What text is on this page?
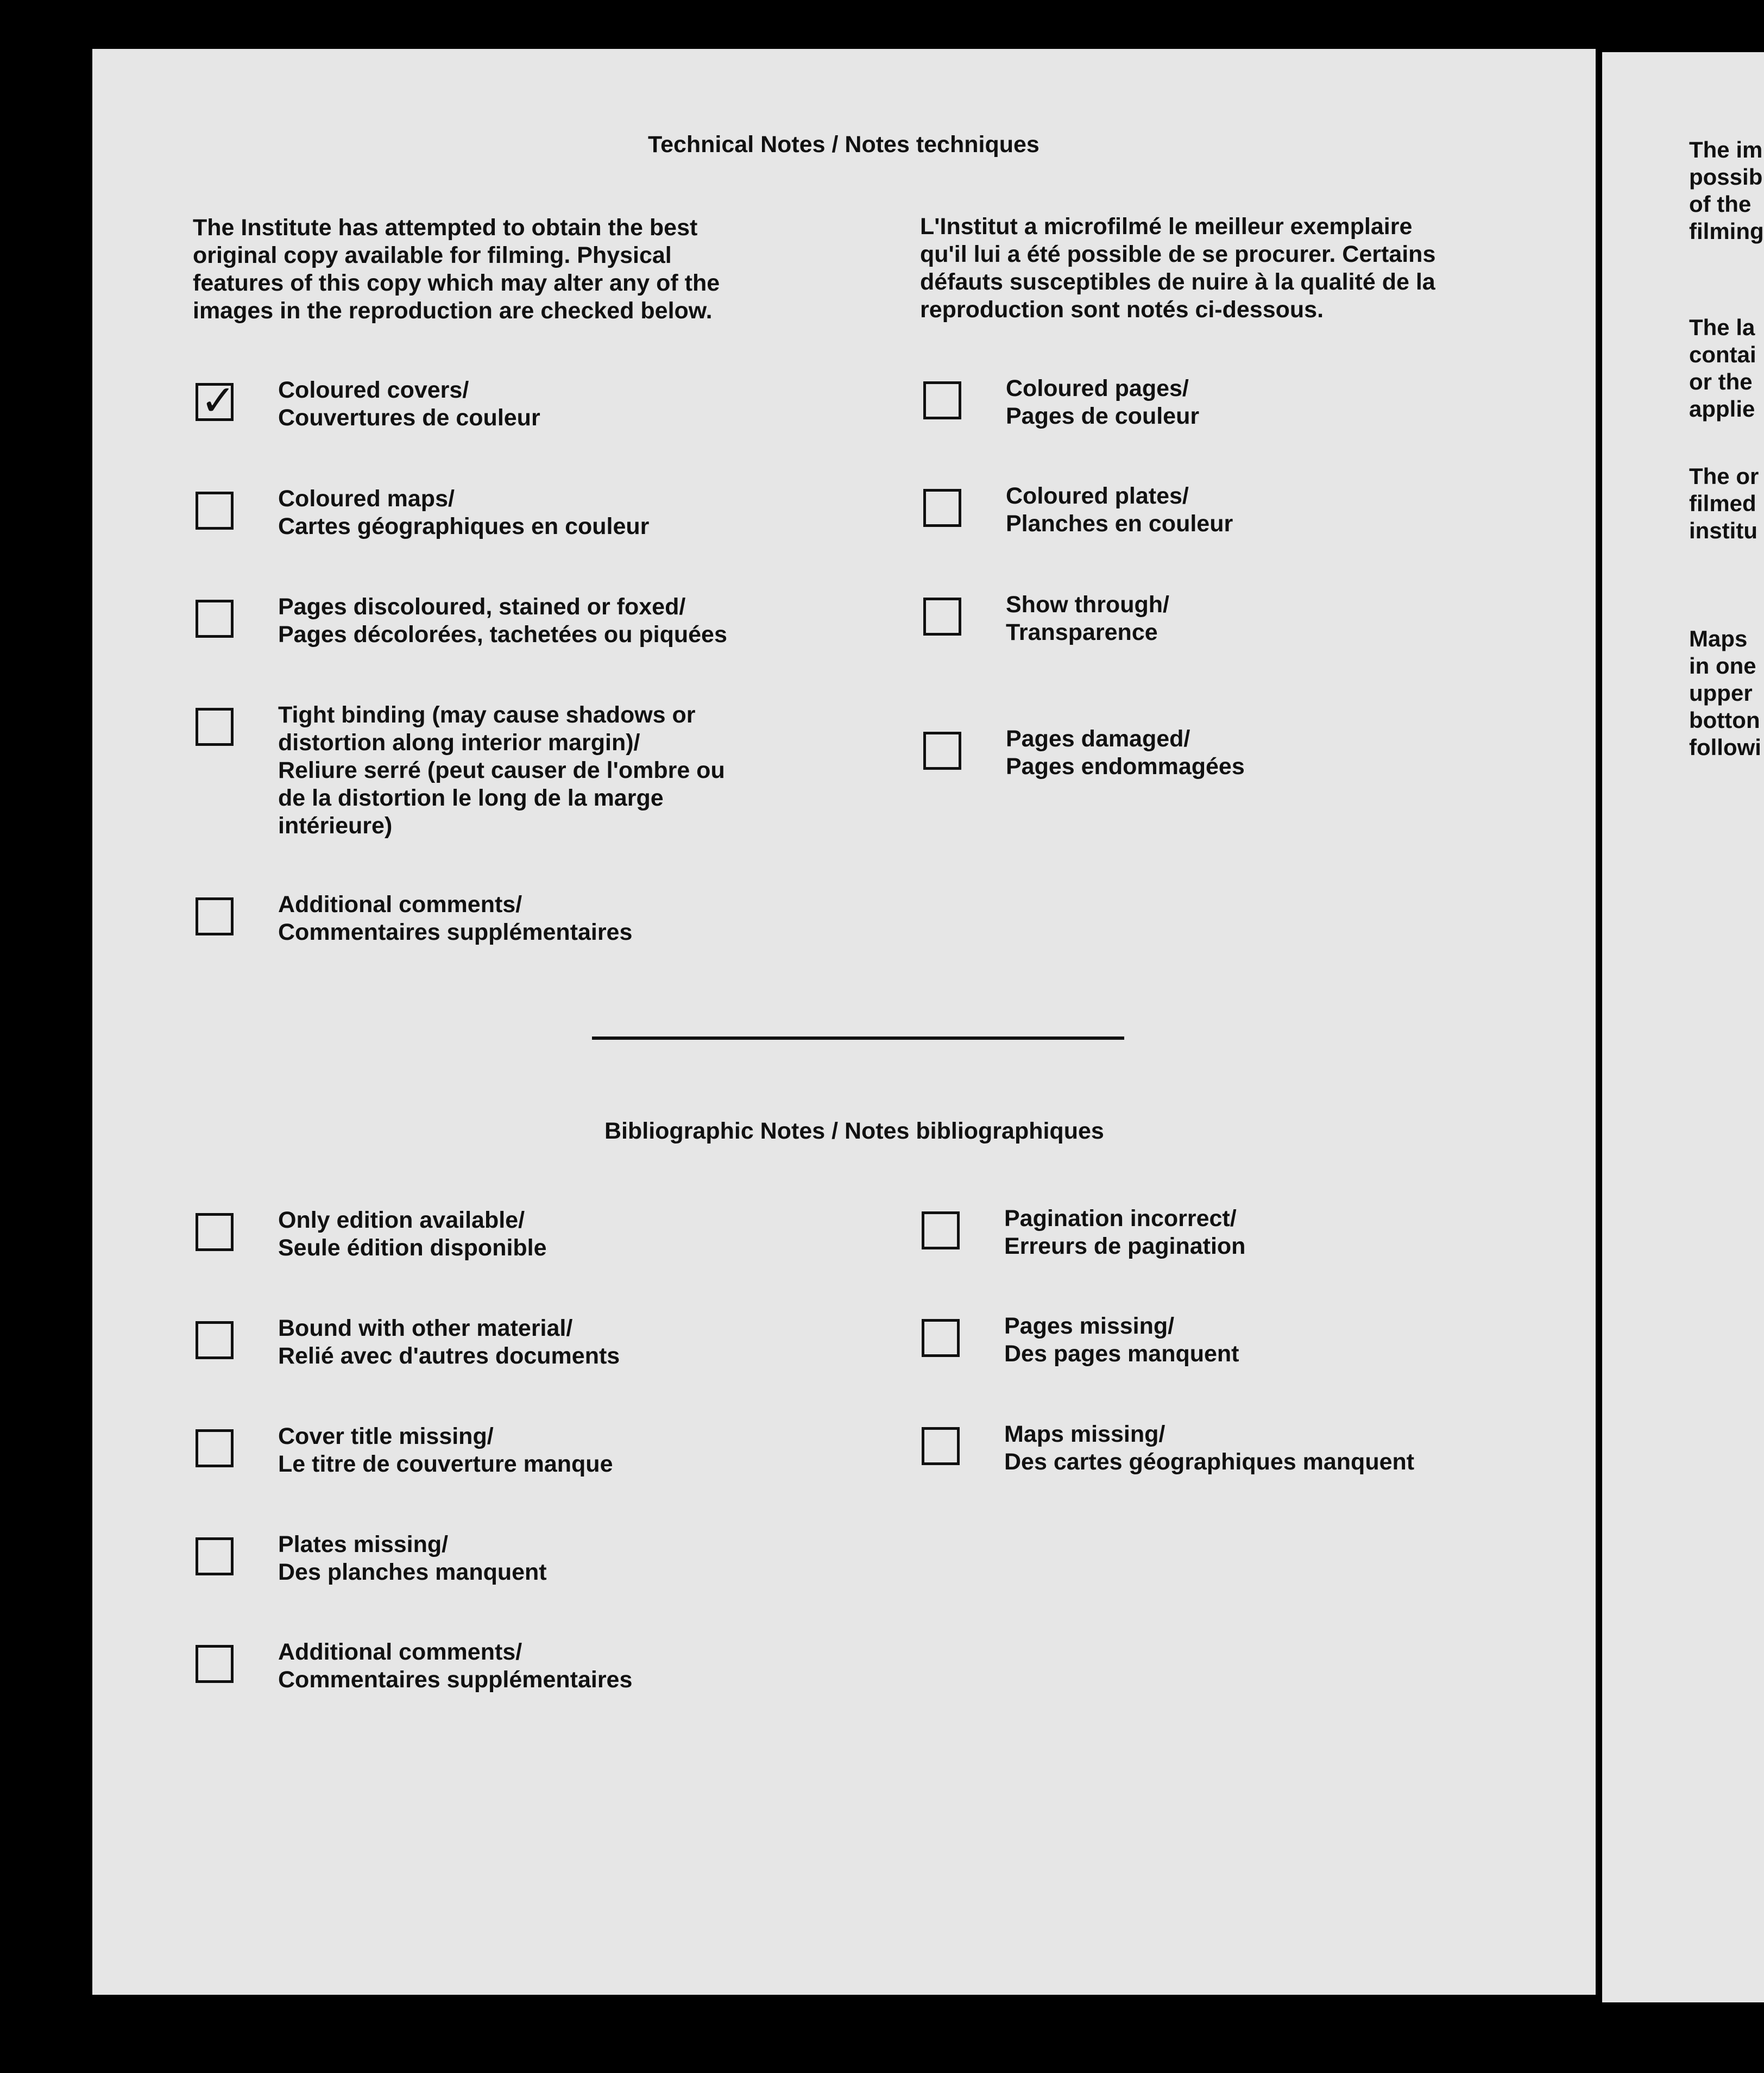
Technical Notes / Notes techniques
The Institute has attempted to obtain the best
original copy available for filming. Physical
features of this copy which may alter any of the
images in the reproduction are checked below.
L'Institut a microfilmé le meilleur exemplaire
qu'il lui a été possible de se procurer. Certains
défauts susceptibles de nuire à la qualité de la
reproduction sont notés ci-dessous.
✓ Coloured covers/
Couvertures de couleur
Coloured maps/
Cartes géographiques en couleur
Pages discoloured, stained or foxed/
Pages décolorées, tachetées ou piquées
Tight binding (may cause shadows or
distortion along interior margin)/
Reliure serré (peut causer de l'ombre ou
de la distortion le long de la marge
intérieure)
Additional comments/
Commentaires supplémentaires
Coloured pages/
Pages de couleur
Coloured plates/
Planches en couleur
Show through/
Transparence
Pages damaged/
Pages endommagées
Bibliographic Notes / Notes bibliographiques
Only edition available/
Seule édition disponible
Bound with other material/
Relié avec d'autres documents
Cover title missing/
Le titre de couverture manque
Plates missing/
Des planches manquent
Additional comments/
Commentaires supplémentaires
Pagination incorrect/
Erreurs de pagination
Pages missing/
Des pages manquent
Maps missing/
Des cartes géographiques manquent
The im
possib
of the
filming
The la
contai
or the
applie
The or
filmed
institu
Maps
in one
upper
botton
followi
